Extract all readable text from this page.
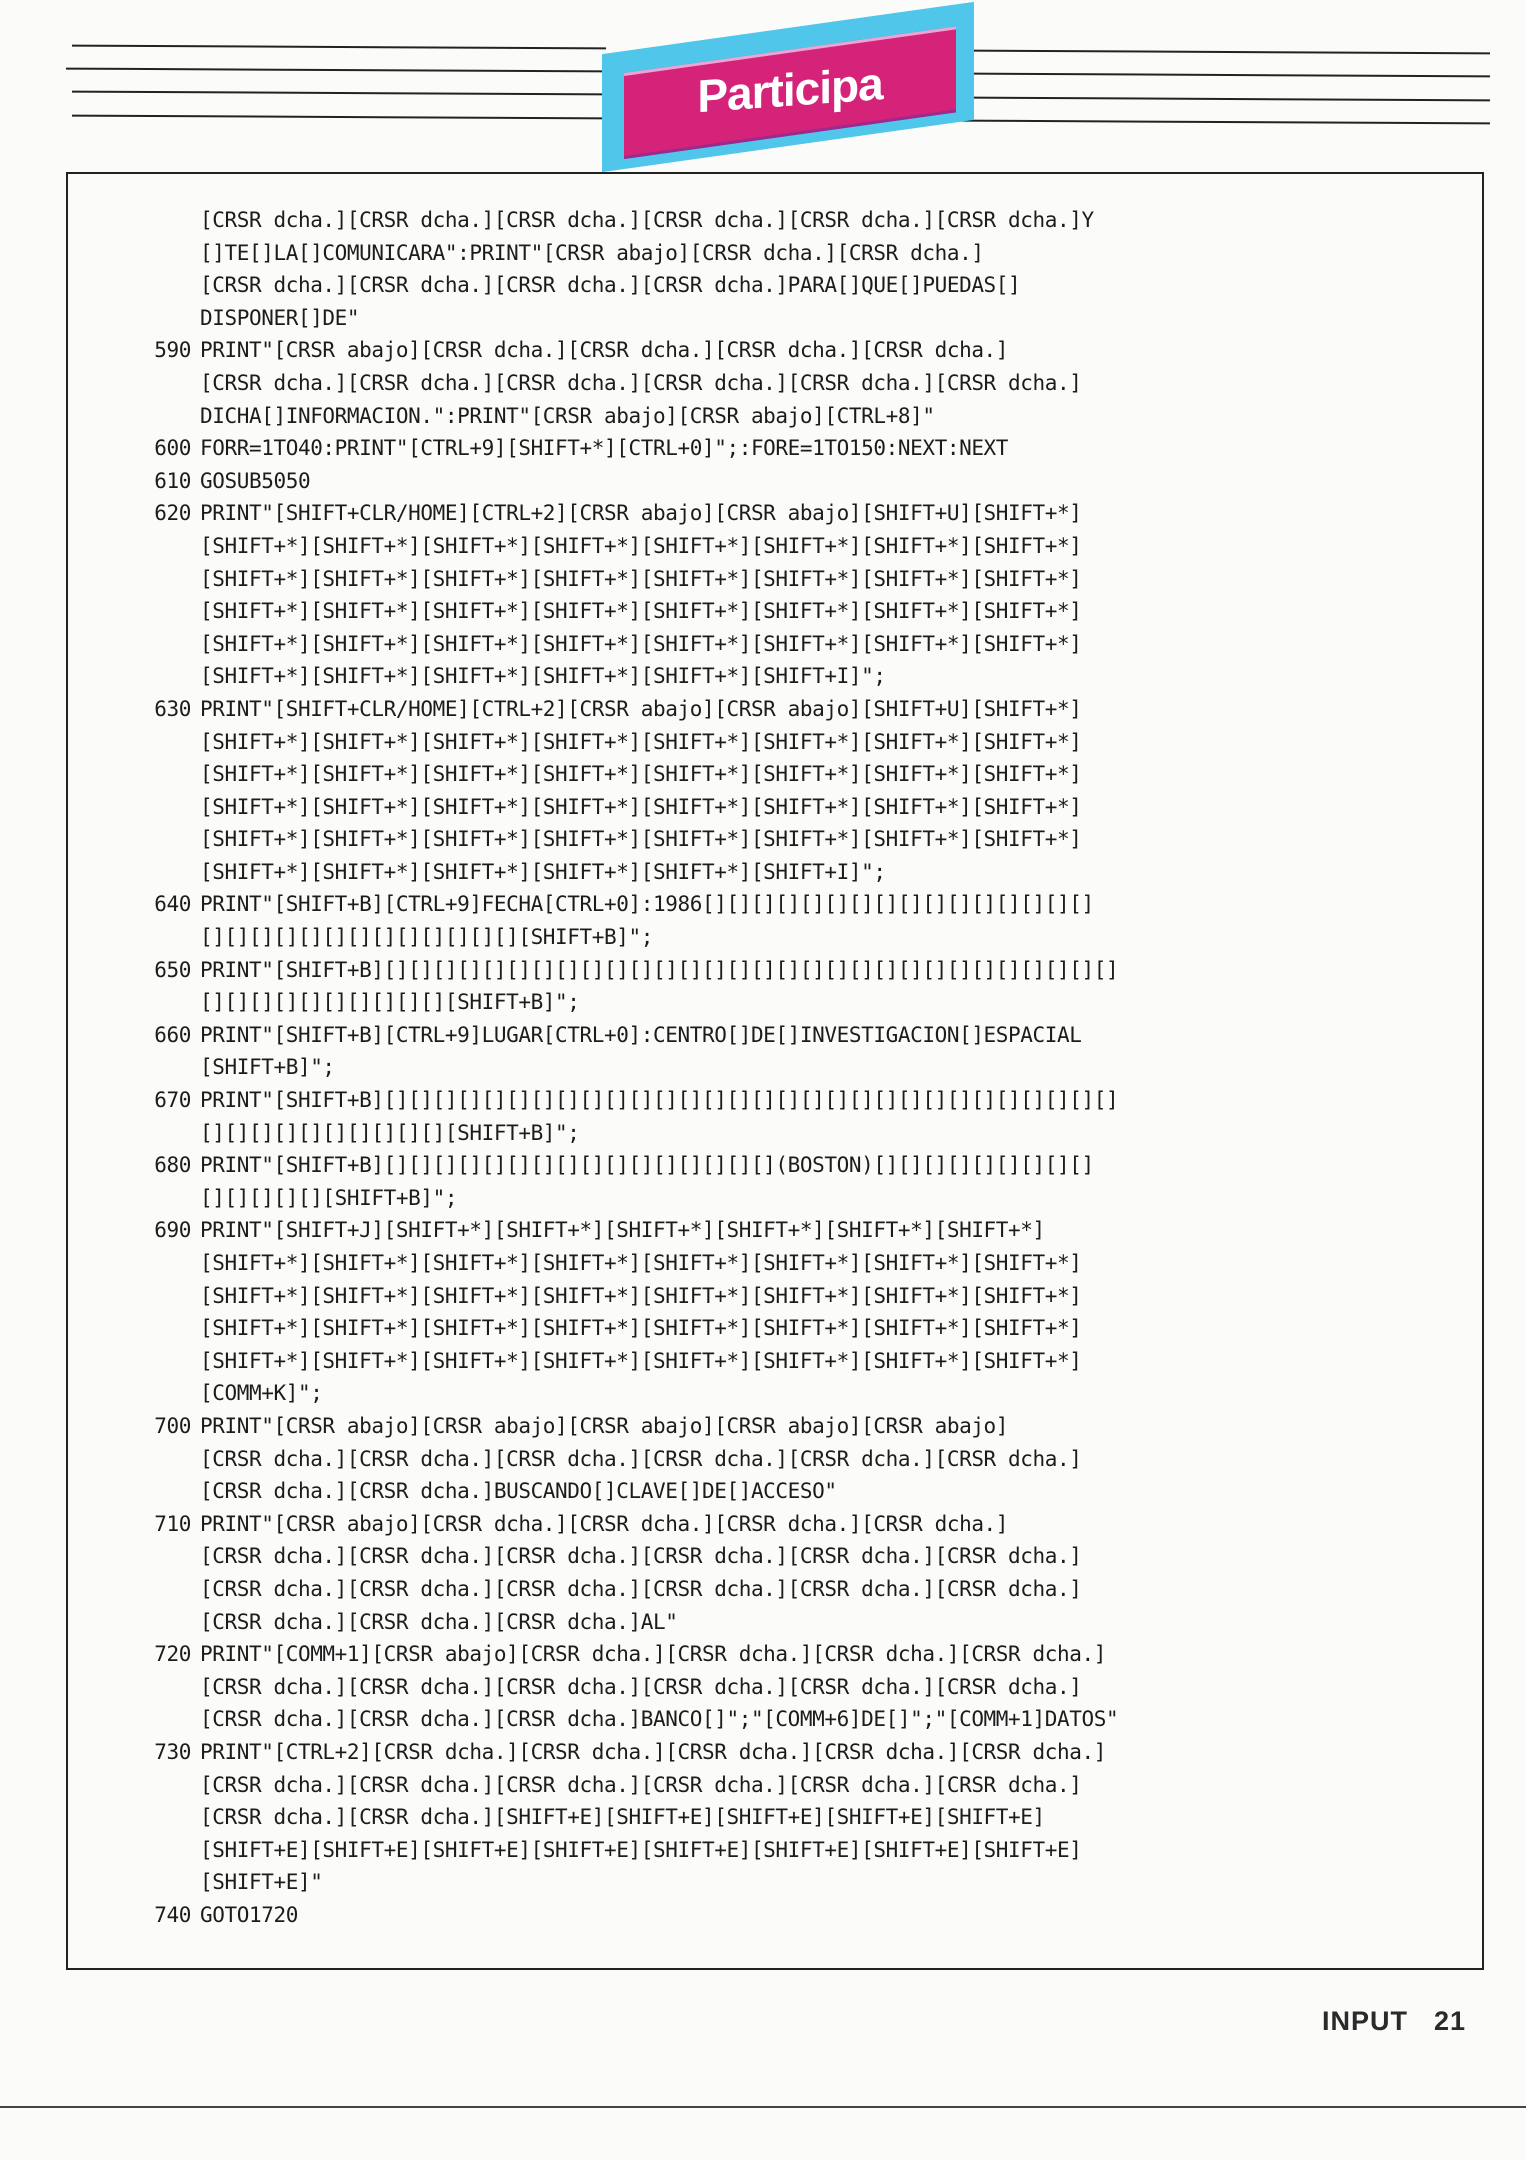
Participa
[CRSR dcha.][CRSR dcha.][CRSR dcha.][CRSR dcha.][CRSR dcha.][CRSR dcha.]Y
[]TE[]LA[]COMUNICARA":PRINT"[CRSR abajo][CRSR dcha.][CRSR dcha.]
[CRSR dcha.][CRSR dcha.][CRSR dcha.][CRSR dcha.]PARA[]QUE[]PUEDAS[]
DISPONER[]DE"
590 PRINT"[CRSR abajo][CRSR dcha.][CRSR dcha.][CRSR dcha.][CRSR dcha.]
[CRSR dcha.][CRSR dcha.][CRSR dcha.][CRSR dcha.][CRSR dcha.][CRSR dcha.]
DICHA[]INFORMACION.":PRINT"[CRSR abajo][CRSR abajo][CTRL+8]"
600 FORR=1TO40:PRINT"[CTRL+9][SHIFT+*][CTRL+0]";:FORE=1TO150:NEXT:NEXT
610 GOSUB5050
620 PRINT"[SHIFT+CLR/HOME][CTRL+2][CRSR abajo][CRSR abajo][SHIFT+U][SHIFT+*]
[SHIFT+*][SHIFT+*][SHIFT+*][SHIFT+*][SHIFT+*][SHIFT+*][SHIFT+*][SHIFT+*]
[SHIFT+*][SHIFT+*][SHIFT+*][SHIFT+*][SHIFT+*][SHIFT+*][SHIFT+*][SHIFT+*]
[SHIFT+*][SHIFT+*][SHIFT+*][SHIFT+*][SHIFT+*][SHIFT+*][SHIFT+*][SHIFT+*]
[SHIFT+*][SHIFT+*][SHIFT+*][SHIFT+*][SHIFT+*][SHIFT+*][SHIFT+*][SHIFT+*]
[SHIFT+*][SHIFT+*][SHIFT+*][SHIFT+*][SHIFT+*][SHIFT+I]";
630 PRINT"[SHIFT+CLR/HOME][CTRL+2][CRSR abajo][CRSR abajo][SHIFT+U][SHIFT+*]
[SHIFT+*][SHIFT+*][SHIFT+*][SHIFT+*][SHIFT+*][SHIFT+*][SHIFT+*][SHIFT+*]
[SHIFT+*][SHIFT+*][SHIFT+*][SHIFT+*][SHIFT+*][SHIFT+*][SHIFT+*][SHIFT+*]
[SHIFT+*][SHIFT+*][SHIFT+*][SHIFT+*][SHIFT+*][SHIFT+*][SHIFT+*][SHIFT+*]
[SHIFT+*][SHIFT+*][SHIFT+*][SHIFT+*][SHIFT+*][SHIFT+*][SHIFT+*][SHIFT+*]
[SHIFT+*][SHIFT+*][SHIFT+*][SHIFT+*][SHIFT+*][SHIFT+I]";
640 PRINT"[SHIFT+B][CTRL+9]FECHA[CTRL+0]:1986[][][][][][][][][][][][][][][][]
[][][][][][][][][][][][][][SHIFT+B]";
650 PRINT"[SHIFT+B][][][][][][][][][][][][][][][][][][][][][][][][][][][][][][]
[][][][][][][][][][][SHIFT+B]";
660 PRINT"[SHIFT+B][CTRL+9]LUGAR[CTRL+0]:CENTRO[]DE[]INVESTIGACION[]ESPACIAL
[SHIFT+B]";
670 PRINT"[SHIFT+B][][][][][][][][][][][][][][][][][][][][][][][][][][][][][][]
[][][][][][][][][][][SHIFT+B]";
680 PRINT"[SHIFT+B][][][][][][][][][][][][][][][][](BOSTON)[][][][][][][][][]
[][][][][][SHIFT+B]";
690 PRINT"[SHIFT+J][SHIFT+*][SHIFT+*][SHIFT+*][SHIFT+*][SHIFT+*][SHIFT+*]
[SHIFT+*][SHIFT+*][SHIFT+*][SHIFT+*][SHIFT+*][SHIFT+*][SHIFT+*][SHIFT+*]
[SHIFT+*][SHIFT+*][SHIFT+*][SHIFT+*][SHIFT+*][SHIFT+*][SHIFT+*][SHIFT+*]
[SHIFT+*][SHIFT+*][SHIFT+*][SHIFT+*][SHIFT+*][SHIFT+*][SHIFT+*][SHIFT+*]
[SHIFT+*][SHIFT+*][SHIFT+*][SHIFT+*][SHIFT+*][SHIFT+*][SHIFT+*][SHIFT+*]
[COMM+K]";
700 PRINT"[CRSR abajo][CRSR abajo][CRSR abajo][CRSR abajo][CRSR abajo]
[CRSR dcha.][CRSR dcha.][CRSR dcha.][CRSR dcha.][CRSR dcha.][CRSR dcha.]
[CRSR dcha.][CRSR dcha.]BUSCANDO[]CLAVE[]DE[]ACCESO"
710 PRINT"[CRSR abajo][CRSR dcha.][CRSR dcha.][CRSR dcha.][CRSR dcha.]
[CRSR dcha.][CRSR dcha.][CRSR dcha.][CRSR dcha.][CRSR dcha.][CRSR dcha.]
[CRSR dcha.][CRSR dcha.][CRSR dcha.][CRSR dcha.][CRSR dcha.][CRSR dcha.]
[CRSR dcha.][CRSR dcha.][CRSR dcha.]AL"
720 PRINT"[COMM+1][CRSR abajo][CRSR dcha.][CRSR dcha.][CRSR dcha.][CRSR dcha.]
[CRSR dcha.][CRSR dcha.][CRSR dcha.][CRSR dcha.][CRSR dcha.][CRSR dcha.]
[CRSR dcha.][CRSR dcha.][CRSR dcha.]BANCO[]";"[COMM+6]DE[]";"[COMM+1]DATOS"
730 PRINT"[CTRL+2][CRSR dcha.][CRSR dcha.][CRSR dcha.][CRSR dcha.][CRSR dcha.]
[CRSR dcha.][CRSR dcha.][CRSR dcha.][CRSR dcha.][CRSR dcha.][CRSR dcha.]
[CRSR dcha.][CRSR dcha.][SHIFT+E][SHIFT+E][SHIFT+E][SHIFT+E][SHIFT+E]
[SHIFT+E][SHIFT+E][SHIFT+E][SHIFT+E][SHIFT+E][SHIFT+E][SHIFT+E][SHIFT+E]
[SHIFT+E]"
740 GOTO1720
INPUT 21
